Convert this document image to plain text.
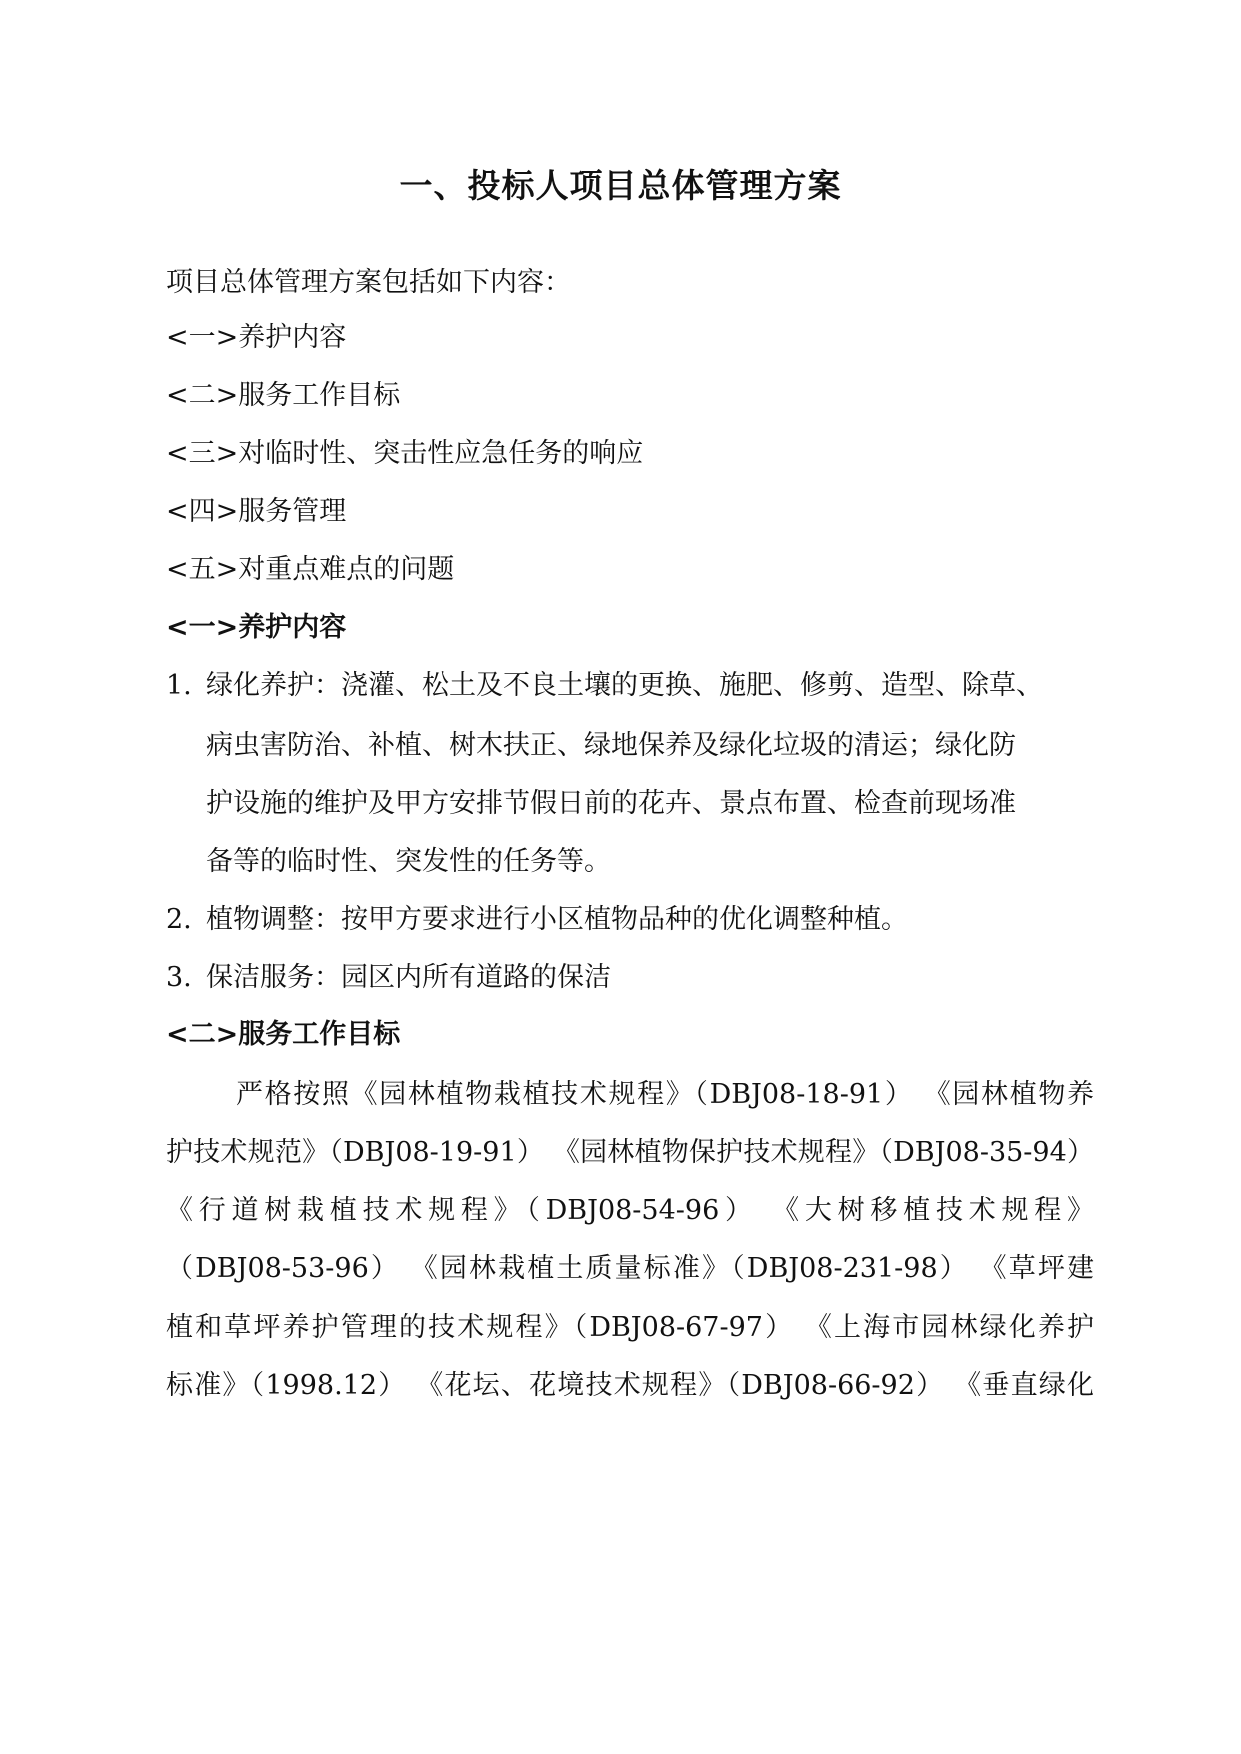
一、投标人项目总体管理方案

项目总体管理方案包括如下内容：

<一>养护内容

<二>服务工作目标

<三>对临时性、突击性应急任务的响应

<四>服务管理

<五>对重点难点的问题

<一>养护内容

1. 绿化养护：浇灌、松土及不良土壤的更换、施肥、修剪、造型、除草、

病虫害防治、补植、树木扶正、绿地保养及绿化垃圾的清运；绿化防

护设施的维护及甲方安排节假日前的花卉、景点布置、检查前现场准

备等的临时性、突发性的任务等。

2. 植物调整：按甲方要求进行小区植物品种的优化调整种植。

3. 保洁服务：园区内所有道路的保洁

<二>服务工作目标

严格按照《园林植物栽植技术规程》（DBJ08-18-91） 《园林植物养

护技术规范》（DBJ08-19-91） 《园林植物保护技术规程》（DBJ08-35-94）

《行道树栽植技术规程》（DBJ08-54-96） 《大树移植技术规程》

（DBJ08-53-96） 《园林栽植土质量标准》（DBJ08-231-98） 《草坪建

植和草坪养护管理的技术规程》（DBJ08-67-97） 《上海市园林绿化养护

标准》（1998.12） 《花坛、花境技术规程》（DBJ08-66-92） 《垂直绿化
